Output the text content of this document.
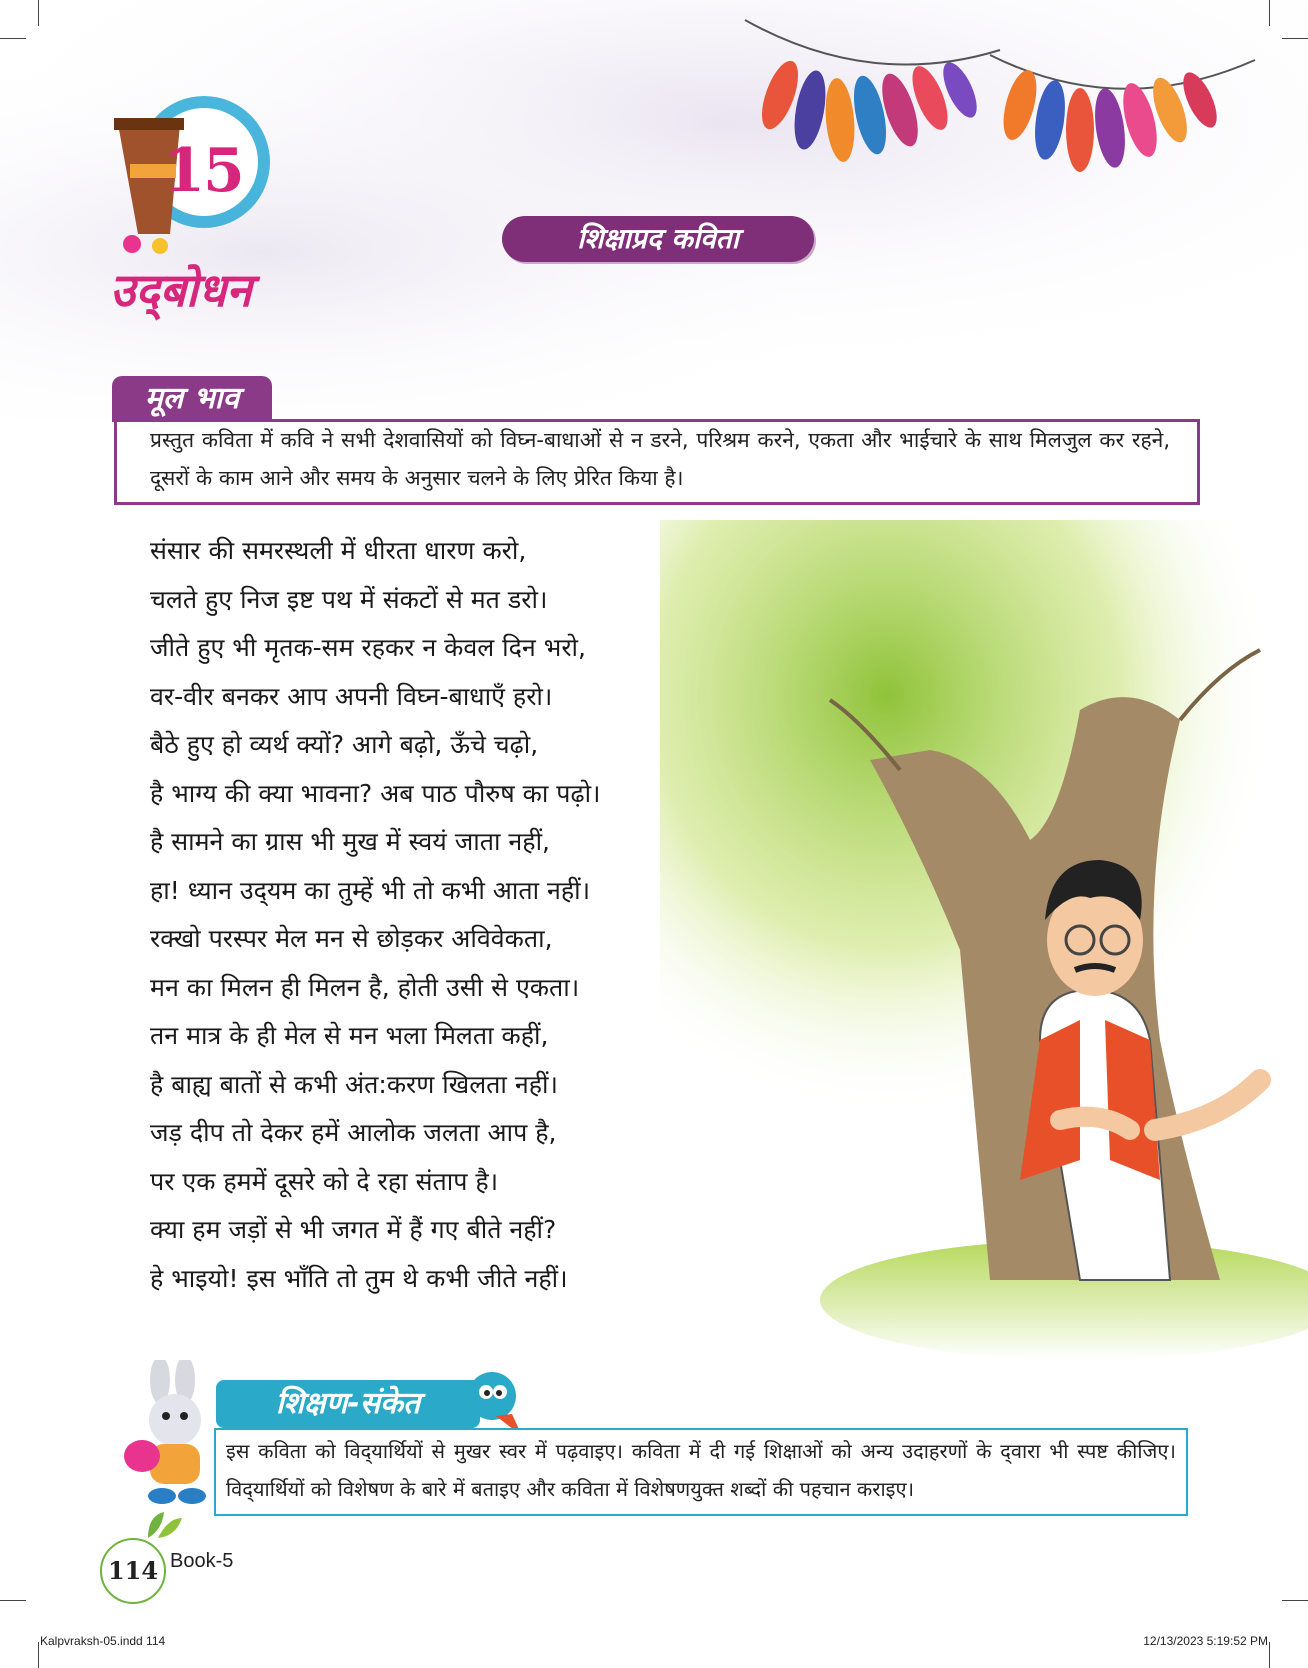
15
उद्‌बोधन
शिक्षाप्रद कविता
मूल भाव
प्रस्तुत कविता में कवि ने सभी देशवासियों को विघ्न-बाधाओं से न डरने, परिश्रम करने, एकता और भाईचारे के साथ मिलजुल कर रहने, दूसरों के काम आने और समय के अनुसार चलने के लिए प्रेरित किया है।
संसार की समरस्थली में धीरता धारण करो,
चलते हुए निज इष्ट पथ में संकटों से मत डरो।
जीते हुए भी मृतक-सम रहकर न केवल दिन भरो,
वर-वीर बनकर आप अपनी विघ्न-बाधाएँ हरो।
बैठे हुए हो व्यर्थ क्यों? आगे बढ़ो, ऊँचे चढ़ो,
है भाग्य की क्या भावना? अब पाठ पौरुष का पढ़ो।
है सामने का ग्रास भी मुख में स्वयं जाता नहीं,
हा! ध्यान उद्‌यम का तुम्हें भी तो कभी आता नहीं।
रक्खो परस्पर मेल मन से छोड़कर अविवेकता,
मन का मिलन ही मिलन है, होती उसी से एकता।
तन मात्र के ही मेल से मन भला मिलता कहीं,
है बाह्य बातों से कभी अंत:करण खिलता नहीं।
जड़ दीप तो देकर हमें आलोक जलता आप है,
पर एक हममें दूसरे को दे रहा संताप है।
क्या हम जड़ों से भी जगत में हैं गए बीते नहीं?
हे भाइयो! इस भाँति तो तुम थे कभी जीते नहीं।
शिक्षण-संकेत
इस कविता को विद्‌यार्थियों से मुखर स्वर में पढ़वाइए। कविता में दी गई शिक्षाओं को अन्य उदाहरणों के द्‌वारा भी स्पष्ट कीजिए। विद्‌यार्थियों को विशेषण के बारे में बताइए और कविता में विशेषणयुक्त शब्दों की पहचान कराइए।
114 Book-5
Kalpvraksh-05.indd 114	12/13/2023 5:19:52 PM
